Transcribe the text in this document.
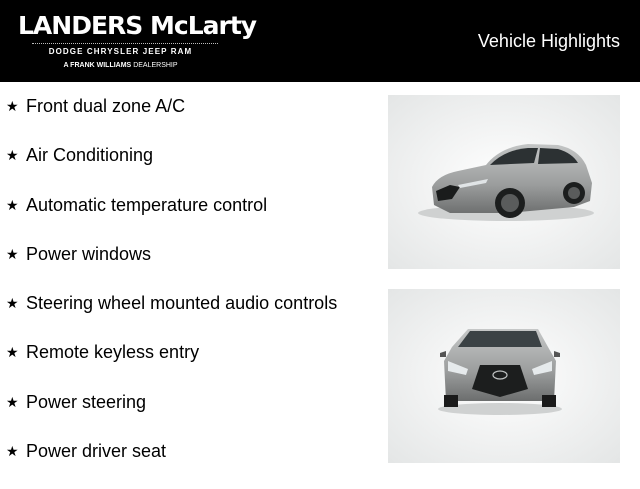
LANDERS McLarty
DODGE CHRYSLER JEEP RAM
A FRANK WILLIAMS DEALERSHIP
Vehicle Highlights
★ Front dual zone A/C
★ Air Conditioning
★ Automatic temperature control
★ Power windows
★ Steering wheel mounted audio controls
★ Remote keyless entry
★ Power steering
★ Power driver seat
